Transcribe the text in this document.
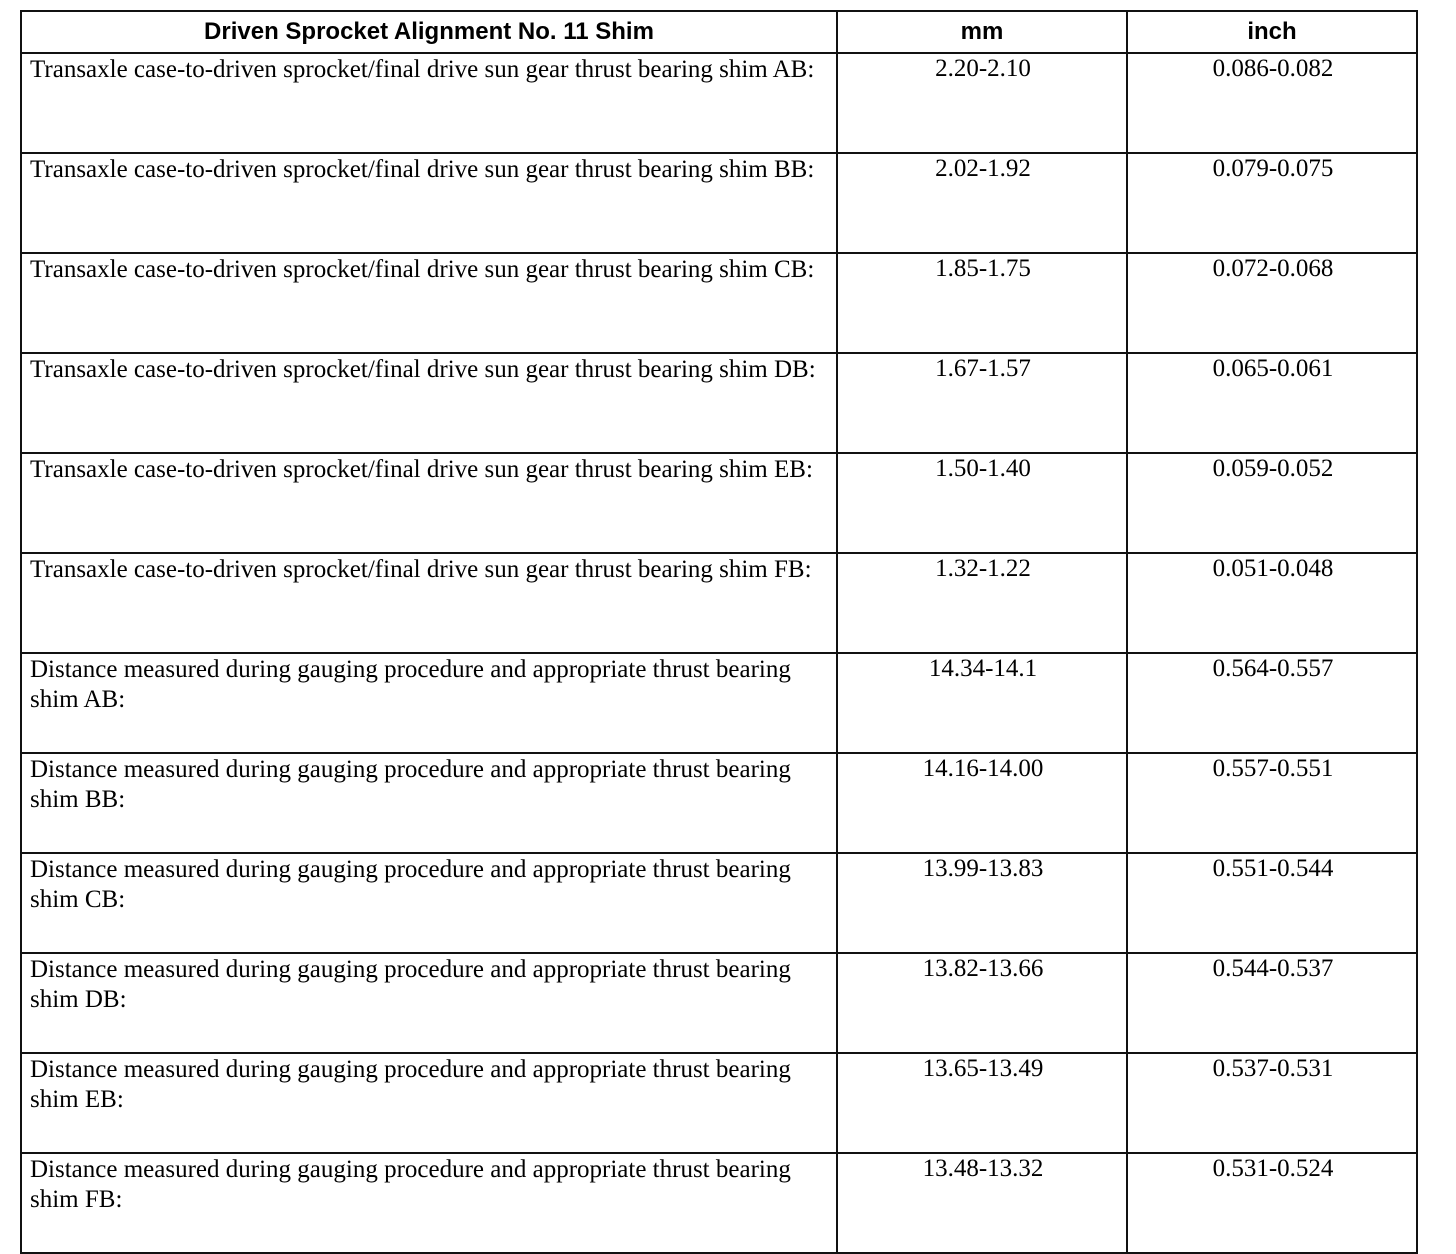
Driven Sprocket Alignment No. 11 Shim	mm	inch
Transaxle case-to-driven sprocket/final drive sun gear thrust bearing shim AB:	2.20-2.10	0.086-0.082
Transaxle case-to-driven sprocket/final drive sun gear thrust bearing shim BB:	2.02-1.92	0.079-0.075
Transaxle case-to-driven sprocket/final drive sun gear thrust bearing shim CB:	1.85-1.75	0.072-0.068
Transaxle case-to-driven sprocket/final drive sun gear thrust bearing shim DB:	1.67-1.57	0.065-0.061
Transaxle case-to-driven sprocket/final drive sun gear thrust bearing shim EB:	1.50-1.40	0.059-0.052
Transaxle case-to-driven sprocket/final drive sun gear thrust bearing shim FB:	1.32-1.22	0.051-0.048
Distance measured during gauging procedure and appropriate thrust bearing shim AB:	14.34-14.1	0.564-0.557
Distance measured during gauging procedure and appropriate thrust bearing shim BB:	14.16-14.00	0.557-0.551
Distance measured during gauging procedure and appropriate thrust bearing shim CB:	13.99-13.83	0.551-0.544
Distance measured during gauging procedure and appropriate thrust bearing shim DB:	13.82-13.66	0.544-0.537
Distance measured during gauging procedure and appropriate thrust bearing shim EB:	13.65-13.49	0.537-0.531
Distance measured during gauging procedure and appropriate thrust bearing shim FB:	13.48-13.32	0.531-0.524
